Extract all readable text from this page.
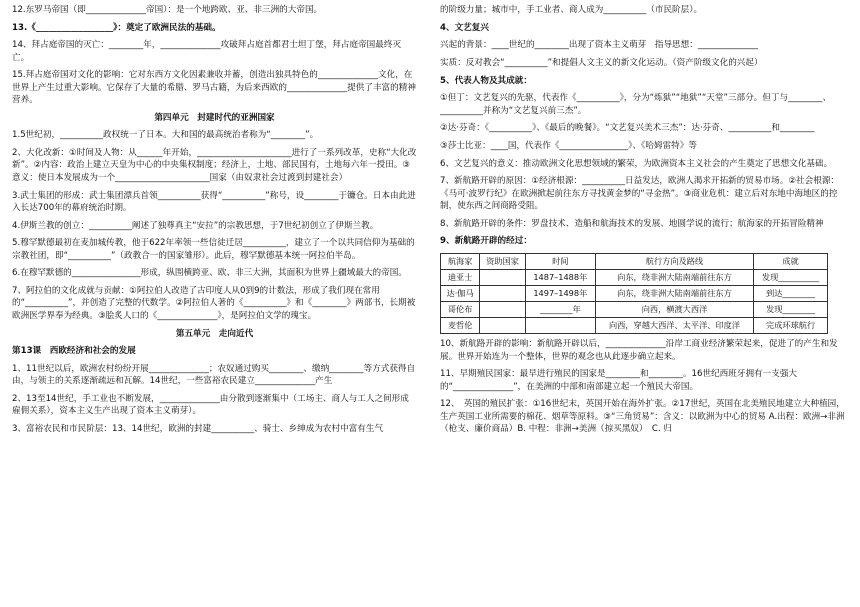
12.东罗马帝国（即______________帝国）：是一个地跨欧、亚、非三洲的大帝国。

13.《__________________》：奠定了欧洲民法的基础。

14、拜占庭帝国的灭亡：________年，______________攻破拜占庭首都君士坦丁堡，拜占庭帝国最终灭亡。

15.拜占庭帝国对文化的影响：它对东西方文化因素兼收并蓄，创造出独具特色的______________文化，在世界上产生过重大影响。它保存了大量的希腊、罗马古籍，为后来西欧的______________提供了丰富的精神营养。

第四单元　封建时代的亚洲国家

1.5世纪初，__________政权统一了日本。大和国的最高统治者称为“________”。

2、大化改新：①时间及人物：从______年开始，______________________进行了一系列改革，史称“大化改新”。②内容：政治上建立天皇为中心的中央集权制度；经济上，土地、部民国有，土地每六年一授田。③意义：使日本发展成为一个______________________国家（由奴隶社会过渡到封建社会）

3.武士集团的形成：武士集团漂兵首领__________获得“__________”称号，设________于镰仓。日本由此进入长达700年的幕府统治时期。

4.伊斯兰教的创立：__________阐述了独尊真主“安拉”的宗教思想，于7世纪初创立了伊斯兰教。

5.穆罕默德最初在麦加城传教，他于622年率领一些信徒迁居__________，建立了一个以共同信仰为基础的宗教社团，即“__________”（政教合一的国家雏形）。此后，穆罕默德基本统一阿拉伯半岛。

6.在穆罕默德的________________形成，纵围横跨亚、欧、非三大洲，其面积为世界上疆域最大的帝国。

7、阿拉伯的文化成就与贡献：①阿拉伯人改造了古印度人从0到9的计数法，形成了我们现在常用的“__________”，并创造了完整的代数学。②阿拉伯人著的《__________》和《________》两部书，长期被欧洲医学界奉为经典。③脍炙人口的《______________》，是阿拉伯文学的瑰宝。

第五单元　走向近代

第13课　西欧经济和社会的发展

1、11世纪以后，欧洲农村纷纷开展______________；农奴通过购买________、缴纳________等方式获得自由，与领主的关系逐渐疏远和瓦解。14世纪，一些富裕农民建立______________产生

2、13至14世纪，手工业也不断发展，______________由分散到逐渐集中（工场主、商人与工人之间形成雇佣关系），资本主义生产出现了资本主义萌芽）。

3、富裕农民和市民阶层：13、14世纪，欧洲的封建__________、骑士、乡绅成为农村中富有生气

的阶级力量；城市中，手工业者、商人成为__________（市民阶层）。

4、文艺复兴

兴起的背景：____世纪的________出现了资本主义萌芽　指导思想：______________

实质：反对教会“__________”和提倡人文主义的新文化运动。（资产阶级文化的兴起）

5、代表人物及其成就：

①但丁：文艺复兴的先驱，代表作《__________》，分为“炼狱”“地狱”“天堂”三部分。但丁与________、__________并称为“文艺复兴前三杰”。

②达·芬奇：《__________》、《最后的晚餐》。“文艺复兴美术三杰”：达·芬奇、__________和________

③莎士比亚：____国，代表作《________________》、《哈姆雷特》等

6、文艺复兴的意义：推动欧洲文化思想领域的繁荣，为欧洲资本主义社会的产生奠定了思想文化基础。

7、新航路开辟的原因：①经济根源：__________日益发达，欧洲人渴求开拓新的贸易市场。②社会根源：《马可·波罗行纪》在欧洲掀起前往东方寻找黄金梦的“寻金热”。③商业危机：建立后对东地中海地区的控制，使东西之间商路受阻。

8、新航路开辟的条件：罗盘技术、造船和航海技术的发展、地圆学说的流行；航海家的开拓冒险精神

9、新航路开辟的经过：

航海家	资助国家	时间	航行方向及路线	成就
迪亚士		1487–1488年	向东，绕非洲大陆南端前往东方	发现__________
达·伽马		1497–1498年	向东，绕非洲大陆南端前往东方	到达________
哥伦布		________年	向西，横渡大西洋	发现________
麦哲伦			向西，穿越大西洋、太平洋、印度洋	完成环球航行

10、新航路开辟的影响：新航路开辟以后，______________沿岸工商业经济繁荣起来，促进了的产生和发展。世界开始连为一个整体，世界的观念也从此逐步确立起来。

11、早期殖民国家：最早进行殖民的国家是________和________。16世纪西班牙拥有一支强大的“______________”，在美洲的中部和南部建立起一个殖民大帝国。

12、　英国的殖民扩张：①16世纪末，英国开始在海外扩张。②17世纪，英国在北美殖民地建立大种植园，生产英国工业所需要的棉花、烟草等原料。③“三角贸易”：含义：以欧洲为中心的贸易 A.出程：欧洲→非洲（枪支、廉价商品）B. 中程：非洲→美洲（掠买黑奴）　C. 归
